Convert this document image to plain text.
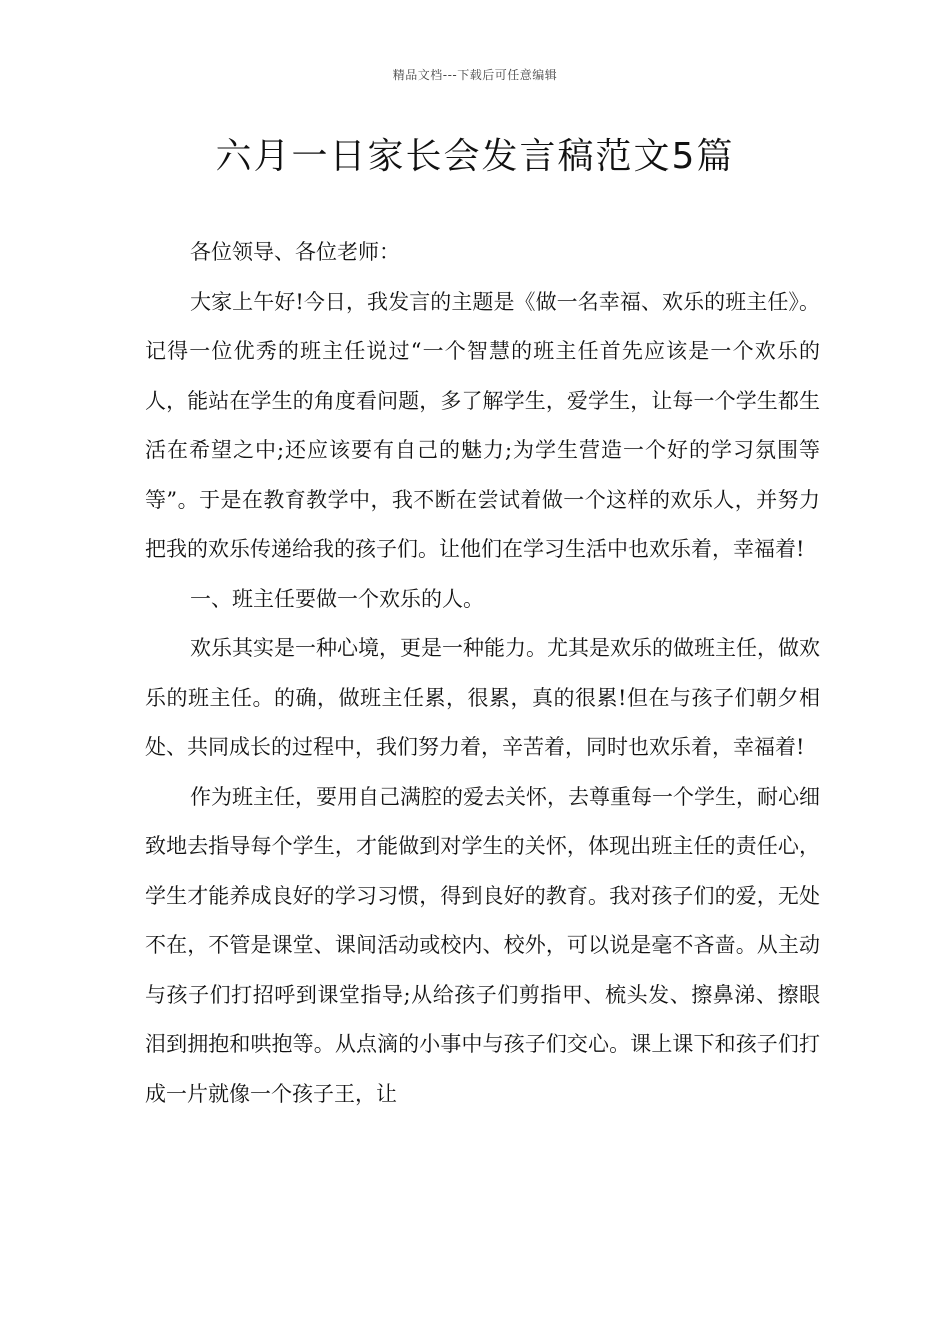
精品文档---下载后可任意编辑
六月一日家长会发言稿范文5篇

各位领导、各位老师：

大家上午好!今日，我发言的主题是《做一名幸福、欢乐的班主任》。记得一位优秀的班主任说过“一个智慧的班主任首先应该是一个欢乐的人，能站在学生的角度看问题，多了解学生，爱学生，让每一个学生都生活在希望之中;还应该要有自己的魅力;为学生营造一个好的学习氛围等等”。于是在教育教学中，我不断在尝试着做一个这样的欢乐人，并努力把我的欢乐传递给我的孩子们。让他们在学习生活中也欢乐着，幸福着!

一、班主任要做一个欢乐的人。

欢乐其实是一种心境，更是一种能力。尤其是欢乐的做班主任，做欢乐的班主任。的确，做班主任累，很累，真的很累!但在与孩子们朝夕相处、共同成长的过程中，我们努力着，辛苦着，同时也欢乐着，幸福着!

作为班主任，要用自己满腔的爱去关怀，去尊重每一个学生，耐心细致地去指导每个学生，才能做到对学生的关怀，体现出班主任的责任心，学生才能养成良好的学习习惯，得到良好的教育。我对孩子们的爱，无处不在，不管是课堂、课间活动或校内、校外，可以说是毫不吝啬。从主动与孩子们打招呼到课堂指导;从给孩子们剪指甲、梳头发、擦鼻涕、擦眼泪到拥抱和哄抱等。从点滴的小事中与孩子们交心。课上课下和孩子们打成一片就像一个孩子王，让
